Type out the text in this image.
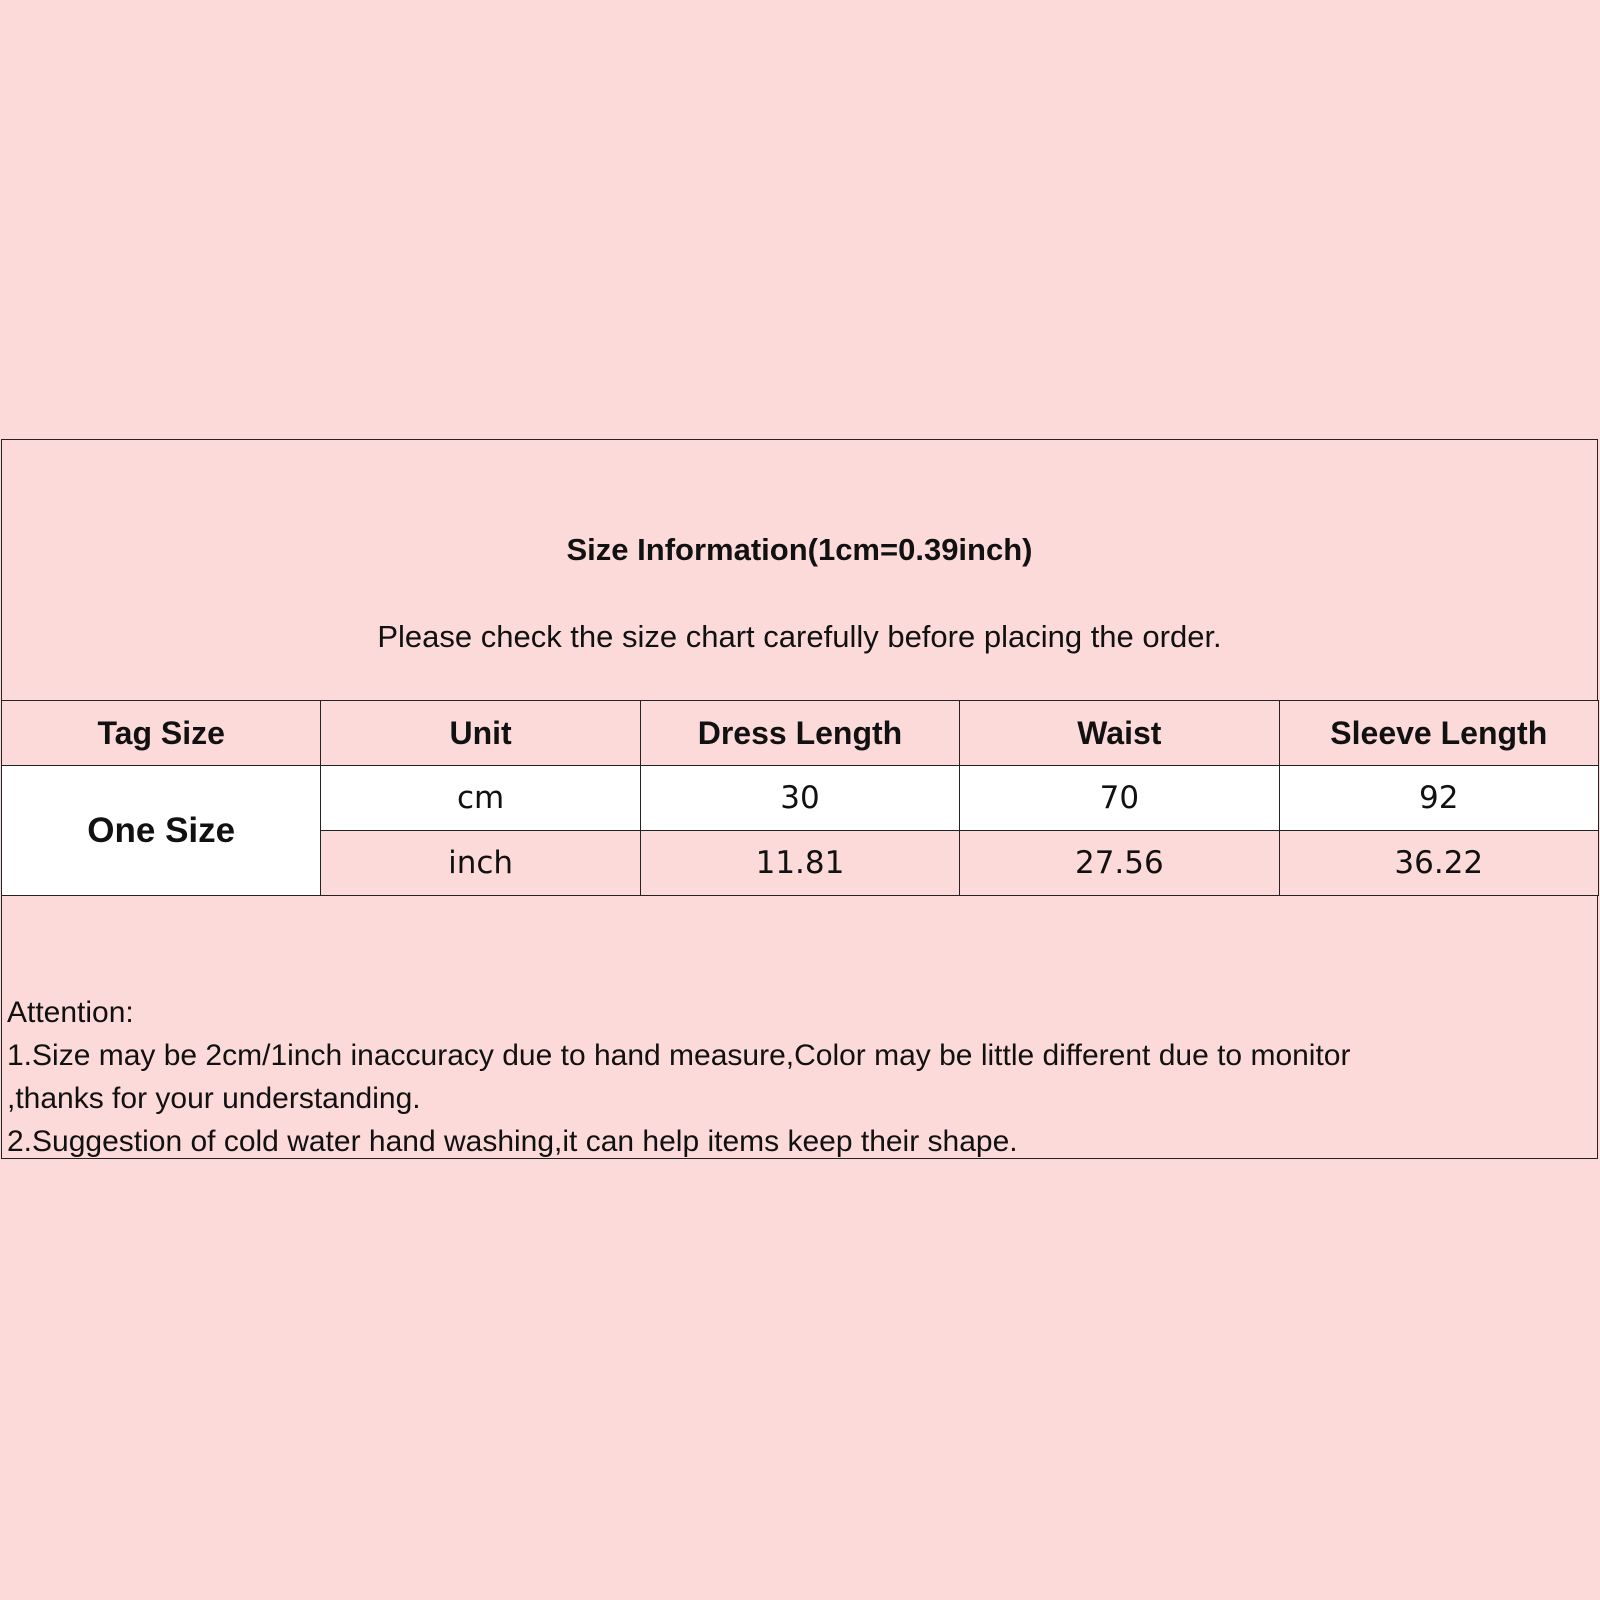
Size Information(1cm=0.39inch)
Please check the size chart carefully before placing the order.
Tag Size	Unit	Dress Length	Waist	Sleeve Length
One Size	cm	30	70	92
	inch	11.81	27.56	36.22
Attention:
1.Size may be 2cm/1inch inaccuracy due to hand measure,Color may be little different due to monitor
,thanks for your understanding.
2.Suggestion of cold water hand washing,it can help items keep their shape.
